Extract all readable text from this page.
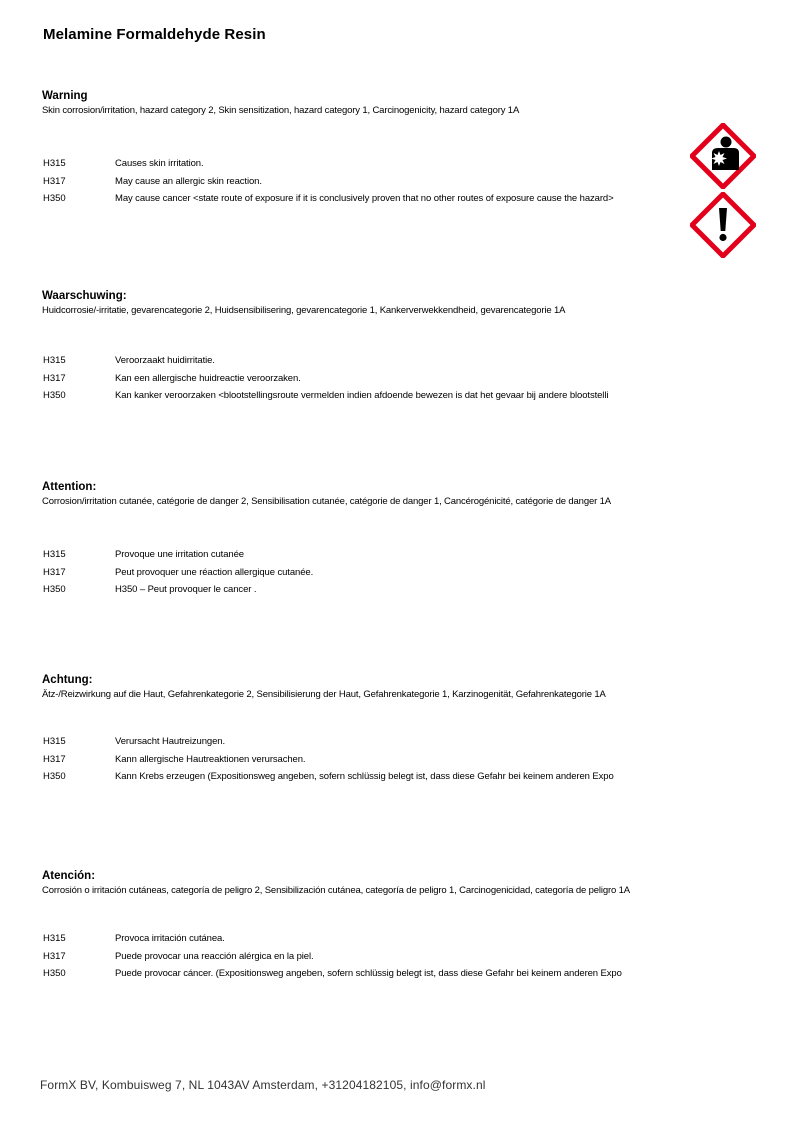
Melamine Formaldehyde Resin

Warning

Skin corrosion/irritation, hazard category 2, Skin sensitization, hazard category 1, Carcinogenicity, hazard category 1A
H315	Causes skin irritation.
H317	May cause an allergic skin reaction.
H350	May cause cancer <state route of exposure if it is conclusively proven that no other routes of exposure cause the hazard>

Waarschuwing:

Huidcorrosie/-irritatie, gevarencategorie 2, Huidsensibilisering, gevarencategorie 1, Kankerverwekkendheid, gevarencategorie 1A
H315	Veroorzaakt huidirritatie.
H317	Kan een allergische huidreactie veroorzaken.
H350	Kan kanker veroorzaken <blootstellingsroute vermelden indien afdoende bewezen is dat het gevaar bij andere blootstelli

Attention:

Corrosion/irritation cutanée, catégorie de danger 2, Sensibilisation cutanée, catégorie de danger 1, Cancérogénicité, catégorie de danger 1A
H315	Provoque une irritation cutanée
H317	Peut provoquer une réaction allergique cutanée.
H350	H350 – Peut provoquer le cancer .

Achtung:

Ätz-/Reizwirkung auf die Haut, Gefahrenkategorie 2, Sensibilisierung der Haut, Gefahrenkategorie 1, Karzinogenität, Gefahrenkategorie 1A
H315	Verursacht Hautreizungen.
H317	Kann allergische Hautreaktionen verursachen.
H350	Kann Krebs erzeugen (Expositionsweg angeben, sofern schlüssig belegt ist, dass diese Gefahr bei keinem anderen Expo

Atención:

Corrosión o irritación cutáneas, categoría de peligro 2, Sensibilización cutánea, categoría de peligro 1, Carcinogenicidad, categoría de peligro 1A
H315	Provoca irritación cutánea.
H317	Puede provocar una reacción alérgica en la piel.
H350	Puede provocar cáncer. (Expositionsweg angeben, sofern schlüssig belegt ist, dass diese Gefahr bei keinem anderen Expo
FormX BV, Kombuisweg 7, NL 1043AV Amsterdam, +31204182105, info@formx.nl
